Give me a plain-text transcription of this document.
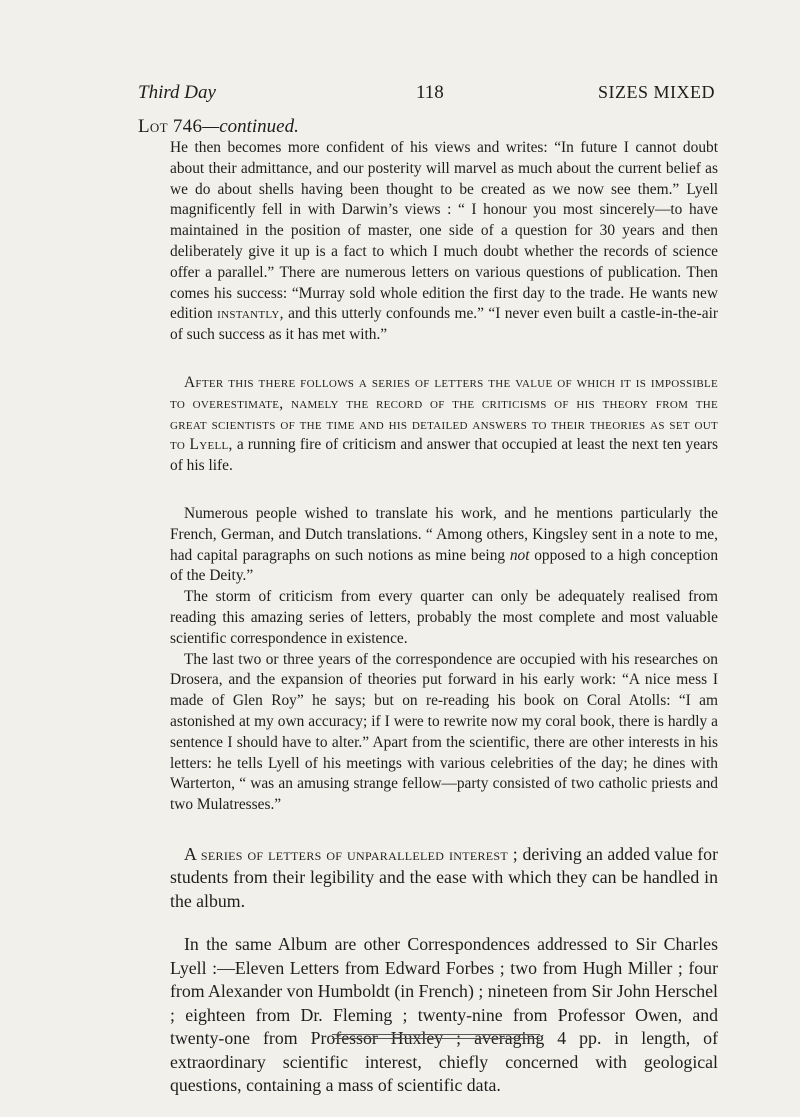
Third Day	118	SIZES MIXED
Lot 746—continued.

He then becomes more confident of his views and writes: “In future I cannot doubt about their admittance, and our posterity will marvel as much about the current belief as we do about shells having been thought to be created as we now see them.” Lyell magnificently fell in with Darwin’s views : “ I honour you most sincerely—to have maintained in the position of master, one side of a question for 30 years and then deliberately give it up is a fact to which I much doubt whether the records of science offer a parallel.” There are numerous letters on various questions of publication. Then comes his success: “Murray sold whole edition the first day to the trade. He wants new edition instantly, and this utterly confounds me.” “I never even built a castle-in-the-air of such success as it has met with.”

After this there follows a series of letters the value of which it is impossible to overestimate, namely the record of the criticisms of his theory from the great scientists of the time and his detailed answers to their theories as set out to Lyell, a running fire of criticism and answer that occupied at least the next ten years of his life.

Numerous people wished to translate his work, and he mentions particularly the French, German, and Dutch translations. “ Among others, Kingsley sent in a note to me, had capital paragraphs on such notions as mine being not opposed to a high conception of the Deity.”

The storm of criticism from every quarter can only be adequately realised from reading this amazing series of letters, probably the most complete and most valuable scientific correspondence in existence.

The last two or three years of the correspondence are occupied with his researches on Drosera, and the expansion of theories put forward in his early work: “A nice mess I made of Glen Roy” he says; but on re-reading his book on Coral Atolls: “I am astonished at my own accuracy; if I were to rewrite now my coral book, there is hardly a sentence I should have to alter.” Apart from the scientific, there are other interests in his letters: he tells Lyell of his meetings with various celebrities of the day; he dines with Warterton, “ was an amusing strange fellow—party consisted of two catholic priests and two Mulatresses.”

A series of letters of unparalleled interest ; deriving an added value for students from their legibility and the ease with which they can be handled in the album.

In the same Album are other Correspondences addressed to Sir Charles Lyell :—Eleven Letters from Edward Forbes ; two from Hugh Miller ; four from Alexander von Humboldt (in French) ; nineteen from Sir John Herschel ; eighteen from Dr. Fleming ; twenty-nine from Professor Owen, and twenty-one from Professor Huxley ; averaging 4 pp. in length, of extraordinary scientific interest, chiefly concerned with geological questions, containing a mass of scientific data.
